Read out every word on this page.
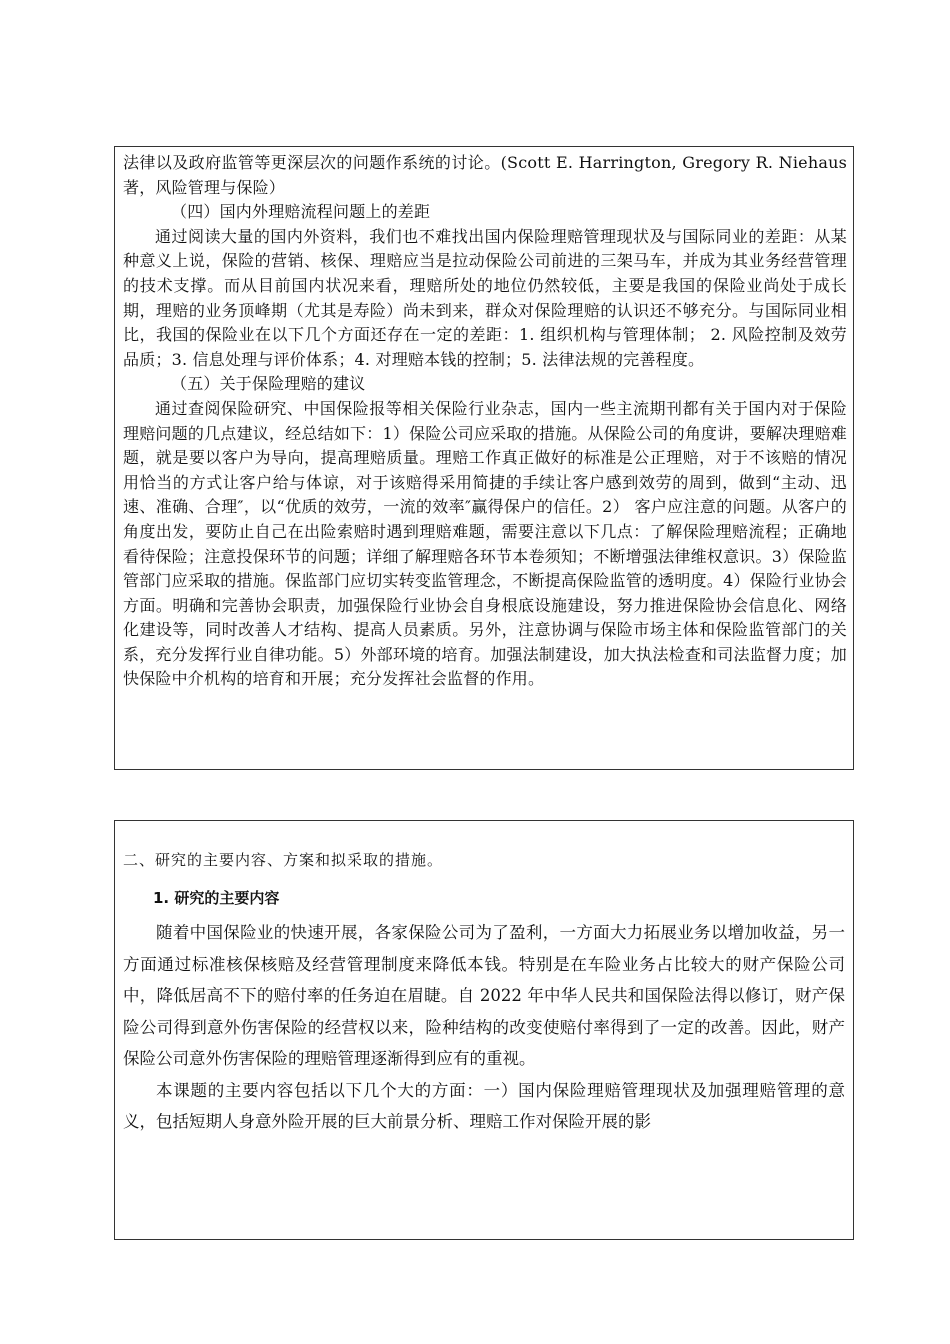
法律以及政府监管等更深层次的问题作系统的讨论。(Scott E. Harrington, Gregory R. Niehaus著，风险管理与保险）

（四）国内外理赔流程问题上的差距

通过阅读大量的国内外资料，我们也不难找出国内保险理赔管理现状及与国际同业的差距：从某种意义上说，保险的营销、核保、理赔应当是拉动保险公司前进的三架马车，并成为其业务经营管理的技术支撑。而从目前国内状况来看，理赔所处的地位仍然较低，主要是我国的保险业尚处于成长期，理赔的业务顶峰期（尤其是寿险）尚未到来，群众对保险理赔的认识还不够充分。与国际同业相比，我国的保险业在以下几个方面还存在一定的差距：1. 组织机构与管理体制； 2. 风险控制及效劳品质；3. 信息处理与评价体系；4. 对理赔本钱的控制；5. 法律法规的完善程度。

（五）关于保险理赔的建议

通过查阅保险研究、中国保险报等相关保险行业杂志，国内一些主流期刊都有关于国内对于保险理赔问题的几点建议，经总结如下：1）保险公司应采取的措施。从保险公司的角度讲，要解决理赔难题，就是要以客户为导向，提高理赔质量。理赔工作真正做好的标准是公正理赔，对于不该赔的情况用恰当的方式让客户给与体谅，对于该赔得采用简捷的手续让客户感到效劳的周到，做到“主动、迅速、准确、合理″，以“优质的效劳，一流的效率″赢得保户的信任。2） 客户应注意的问题。从客户的角度出发，要防止自己在出险索赔时遇到理赔难题，需要注意以下几点：了解保险理赔流程；正确地看待保险；注意投保环节的问题；详细了解理赔各环节本卷须知；不断增强法律维权意识。3）保险监管部门应采取的措施。保监部门应切实转变监管理念，不断提高保险监管的透明度。4）保险行业协会方面。明确和完善协会职责，加强保险行业协会自身根底设施建设，努力推进保险协会信息化、网络化建设等，同时改善人才结构、提高人员素质。另外，注意协调与保险市场主体和保险监管部门的关系，充分发挥行业自律功能。5）外部环境的培育。加强法制建设，加大执法检查和司法监督力度；加快保险中介机构的培育和开展；充分发挥社会监督的作用。

二、研究的主要内容、方案和拟采取的措施。

1. 研究的主要内容

随着中国保险业的快速开展，各家保险公司为了盈利，一方面大力拓展业务以增加收益，另一方面通过标准核保核赔及经营管理制度来降低本钱。特别是在车险业务占比较大的财产保险公司中，降低居高不下的赔付率的任务迫在眉睫。自 2022 年中华人民共和国保险法得以修订，财产保险公司得到意外伤害保险的经营权以来，险种结构的改变使赔付率得到了一定的改善。因此，财产保险公司意外伤害保险的理赔管理逐渐得到应有的重视。

本课题的主要内容包括以下几个大的方面：一）国内保险理赔管理现状及加强理赔管理的意义，包括短期人身意外险开展的巨大前景分析、理赔工作对保险开展的影
